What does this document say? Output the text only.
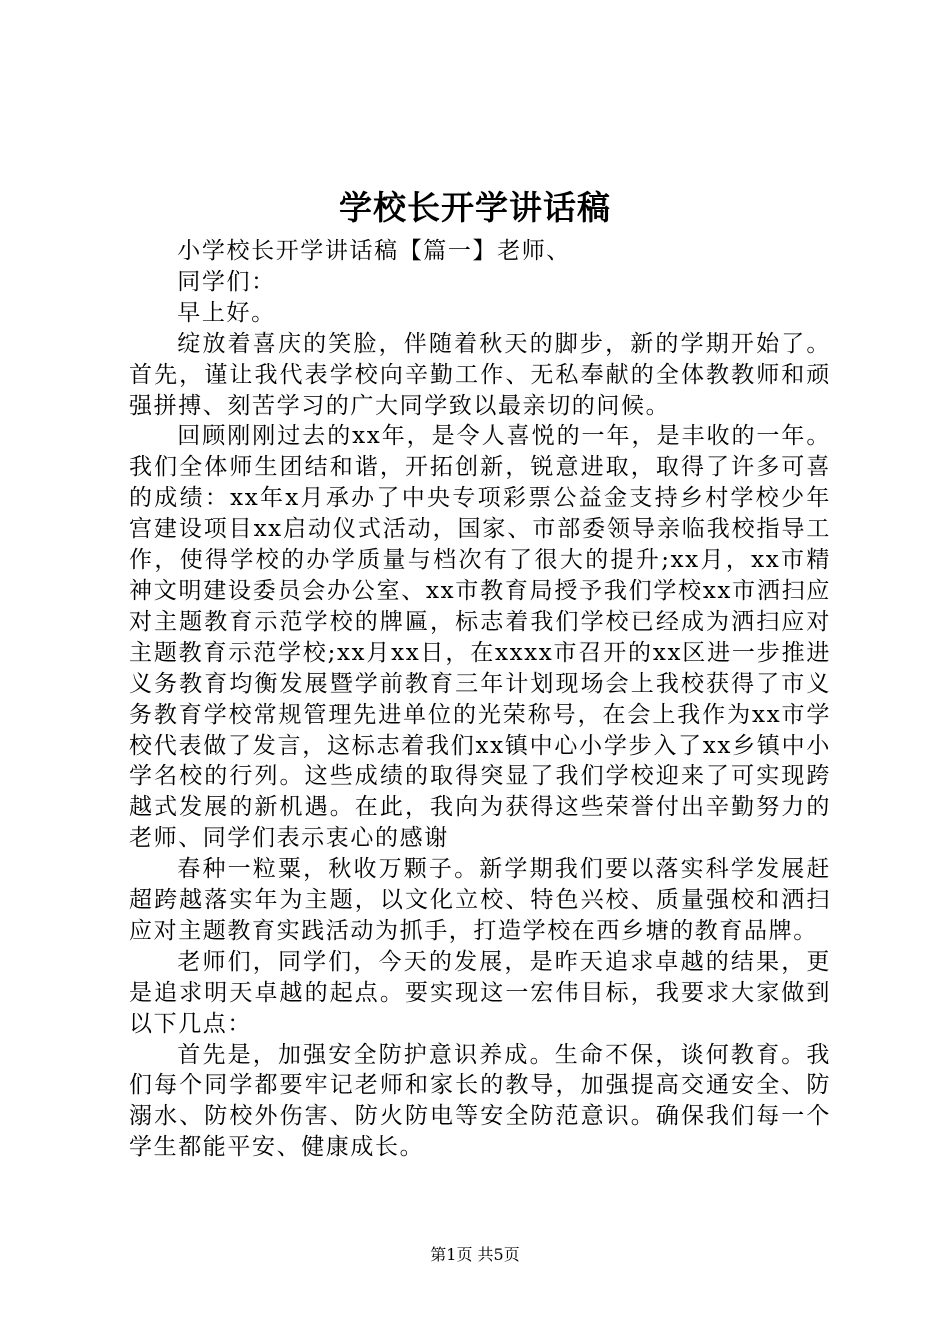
学校长开学讲话稿

小学校长开学讲话稿【篇一】老师、

同学们：

早上好。

绽放着喜庆的笑脸，伴随着秋天的脚步，新的学期开始了。首先，谨让我代表学校向辛勤工作、无私奉献的全体教教师和顽强拼搏、刻苦学习的广大同学致以最亲切的问候。

回顾刚刚过去的xx年，是令人喜悦的一年，是丰收的一年。我们全体师生团结和谐，开拓创新，锐意进取，取得了许多可喜的成绩：xx年x月承办了中央专项彩票公益金支持乡村学校少年宫建设项目xx启动仪式活动，国家、市部委领导亲临我校指导工作，使得学校的办学质量与档次有了很大的提升;xx月，xx市精神文明建设委员会办公室、xx市教育局授予我们学校xx市洒扫应对主题教育示范学校的牌匾，标志着我们学校已经成为洒扫应对主题教育示范学校;xx月xx日，在xxxx市召开的xx区进一步推进义务教育均衡发展暨学前教育三年计划现场会上我校获得了市义务教育学校常规管理先进单位的光荣称号，在会上我作为xx市学校代表做了发言，这标志着我们xx镇中心小学步入了xx乡镇中小学名校的行列。这些成绩的取得突显了我们学校迎来了可实现跨越式发展的新机遇。在此，我向为获得这些荣誉付出辛勤努力的老师、同学们表示衷心的感谢

春种一粒粟，秋收万颗子。新学期我们要以落实科学发展赶超跨越落实年为主题，以文化立校、特色兴校、质量强校和洒扫应对主题教育实践活动为抓手，打造学校在西乡塘的教育品牌。

老师们，同学们，今天的发展，是昨天追求卓越的结果，更是追求明天卓越的起点。要实现这一宏伟目标，我要求大家做到以下几点：

首先是，加强安全防护意识养成。生命不保，谈何教育。我们每个同学都要牢记老师和家长的教导，加强提高交通安全、防溺水、防校外伤害、防火防电等安全防范意识。确保我们每一个学生都能平安、健康成长。

第1页 共5页
